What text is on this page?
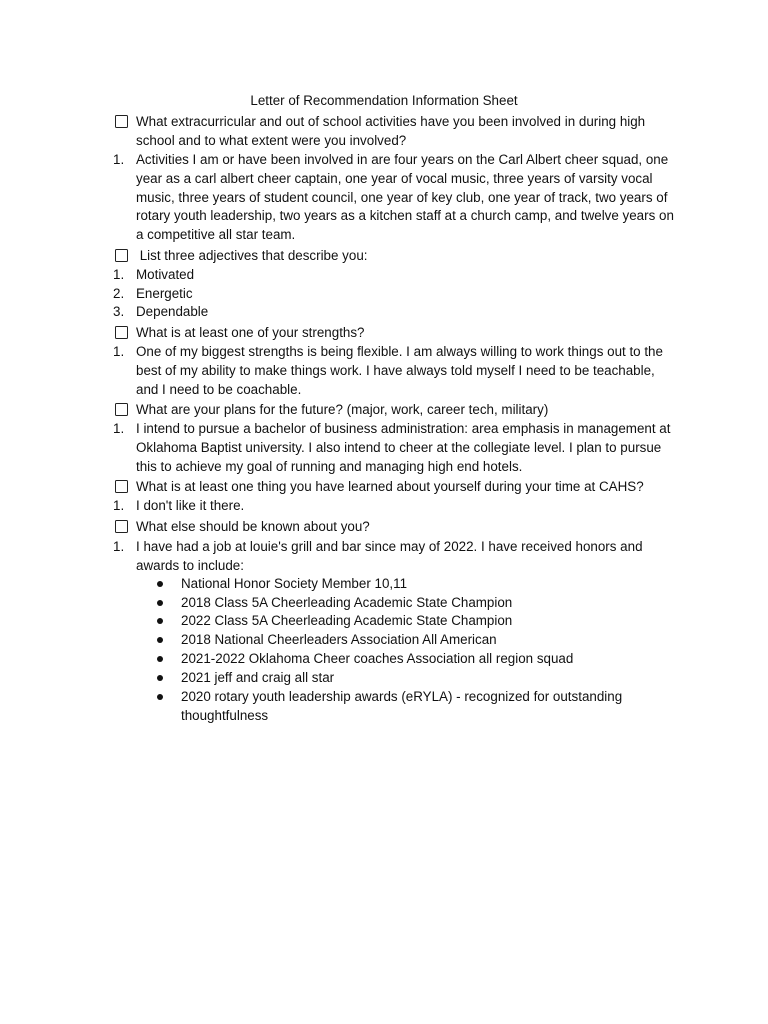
Letter of Recommendation Information Sheet
What extracurricular and out of school activities have you been involved in during high school and to what extent were you involved?
1. Activities I am or have been involved in are four years on the Carl Albert cheer squad, one year as a carl albert cheer captain, one year of vocal music, three years of varsity vocal music, three years of student council, one year of key club, one year of track, two years of rotary youth leadership, two years as a kitchen staff at a church camp, and twelve years on a competitive all star team.
List three adjectives that describe you:
1. Motivated
2. Energetic
3. Dependable
What is at least one of your strengths?
1. One of my biggest strengths is being flexible. I am always willing to work things out to the best of my ability to make things work. I have always told myself I need to be teachable, and I need to be coachable.
What are your plans for the future? (major, work, career tech, military)
1. I intend to pursue a bachelor of business administration: area emphasis in management at Oklahoma Baptist university. I also intend to cheer at the collegiate level. I plan to pursue this to achieve my goal of running and managing high end hotels.
What is at least one thing you have learned about yourself during your time at CAHS?
1. I don't like it there.
What else should be known about you?
1. I have had a job at louie's grill and bar since may of 2022. I have received honors and awards to include:
National Honor Society Member 10,11
2018 Class 5A Cheerleading Academic State Champion
2022 Class 5A Cheerleading Academic State Champion
2018 National Cheerleaders Association All American
2021-2022 Oklahoma Cheer coaches Association all region squad
2021 jeff and craig all star
2020 rotary youth leadership awards (eRYLA) - recognized for outstanding thoughtfulness
